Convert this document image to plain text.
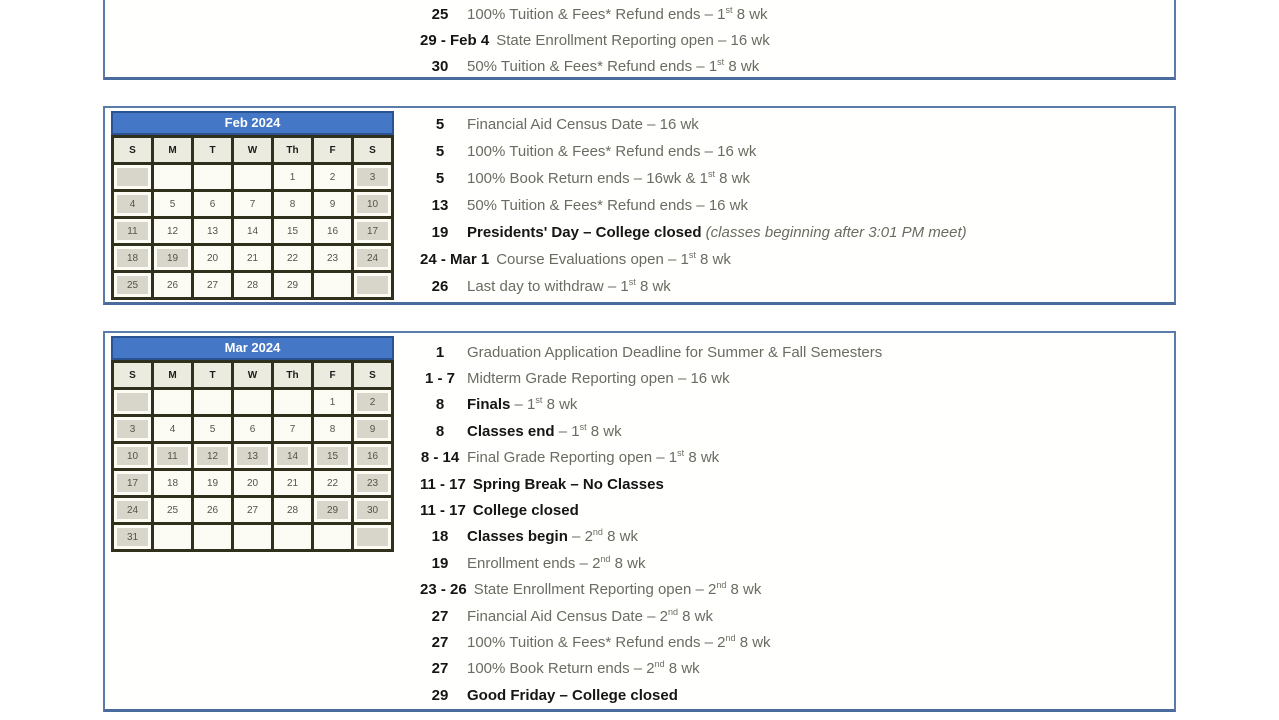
25	100% Tuition & Fees* Refund ends – 1st 8 wk
29 - Feb 4 State Enrollment Reporting open – 16 wk
30	50% Tuition & Fees* Refund ends – 1st 8 wk
Feb 2024
S	M	T	W	Th	F	S
				1	2	3
4	5	6	7	8	9	10
11	12	13	14	15	16	17
18	19	20	21	22	23	24
25	26	27	28	29		
5	Financial Aid Census Date – 16 wk
5	100% Tuition & Fees* Refund ends – 16 wk
5	100% Book Return ends – 16wk & 1st 8 wk
13	50% Tuition & Fees* Refund ends – 16 wk
19	Presidents' Day – College closed (classes beginning after 3:01 PM meet)
24 - Mar 1 Course Evaluations open – 1st 8 wk
26	Last day to withdraw – 1st 8 wk
Mar 2024
S	M	T	W	Th	F	S
					1	2
3	4	5	6	7	8	9
10	11	12	13	14	15	16
17	18	19	20	21	22	23
24	25	26	27	28	29	30
31						
1	Graduation Application Deadline for Summer & Fall Semesters
1 - 7 Midterm Grade Reporting open – 16 wk
8	Finals – 1st 8 wk
8	Classes end – 1st 8 wk
8 - 14 Final Grade Reporting open – 1st 8 wk
11 - 17 Spring Break – No Classes
11 - 17 College closed
18	Classes begin – 2nd 8 wk
19	Enrollment ends – 2nd 8 wk
23 - 26 State Enrollment Reporting open – 2nd 8 wk
27	Financial Aid Census Date – 2nd 8 wk
27	100% Tuition & Fees* Refund ends – 2nd 8 wk
27	100% Book Return ends – 2nd 8 wk
29	Good Friday – College closed
